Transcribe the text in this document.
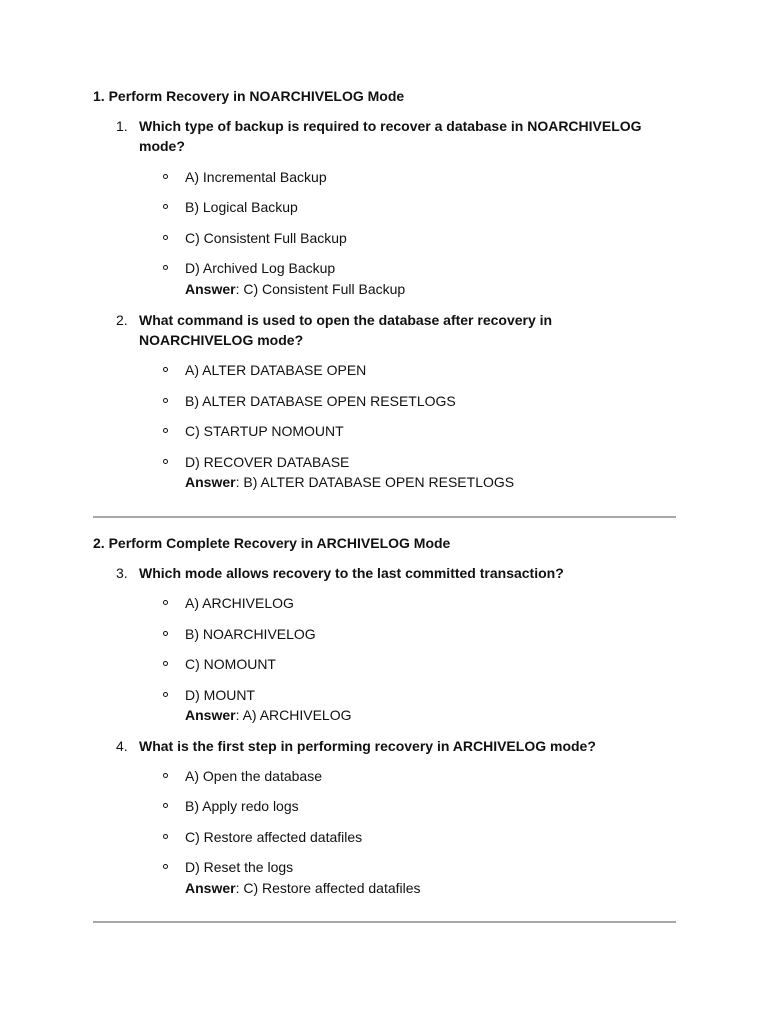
1. Perform Recovery in NOARCHIVELOG Mode
1. Which type of backup is required to recover a database in NOARCHIVELOG mode?
A) Incremental Backup
B) Logical Backup
C) Consistent Full Backup
D) Archived Log Backup
Answer: C) Consistent Full Backup
2. What command is used to open the database after recovery in NOARCHIVELOG mode?
A) ALTER DATABASE OPEN
B) ALTER DATABASE OPEN RESETLOGS
C) STARTUP NOMOUNT
D) RECOVER DATABASE
Answer: B) ALTER DATABASE OPEN RESETLOGS
2. Perform Complete Recovery in ARCHIVELOG Mode
3. Which mode allows recovery to the last committed transaction?
A) ARCHIVELOG
B) NOARCHIVELOG
C) NOMOUNT
D) MOUNT
Answer: A) ARCHIVELOG
4. What is the first step in performing recovery in ARCHIVELOG mode?
A) Open the database
B) Apply redo logs
C) Restore affected datafiles
D) Reset the logs
Answer: C) Restore affected datafiles
